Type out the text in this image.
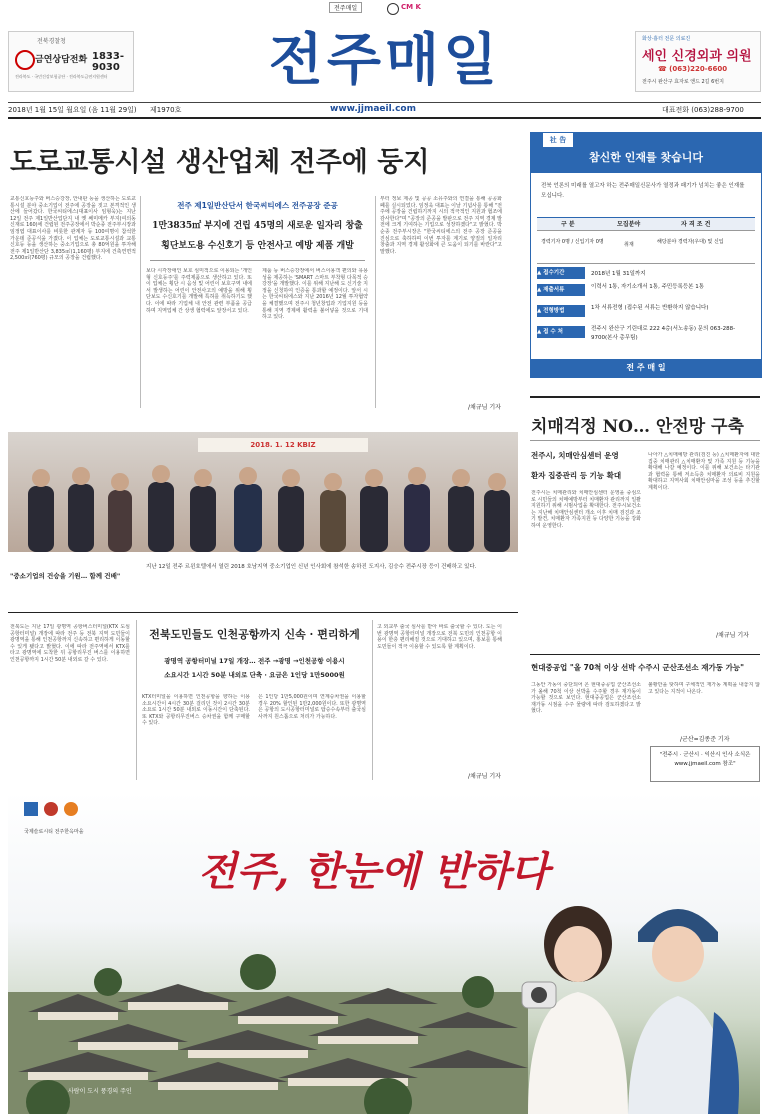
전주매일	CM K
전북경찰청
금연상담전화 1833-9030
전라북도 · 국민건강보험공단 · 전라북도금연지원센터	전주매일	화상·흉터 전문 의료진
세인 신경외과 의원
☎ (063)220-6600
전주시 완산구 효자로 앤드 2길 6번지
2018년 1월 15일 월요일 (음 11월 29일) 제1970호	www.jjmaeil.com	대표전화 (063)288-9700
도로교통시설 생산업체 전주에 둥지
교통신호등주와 버스승강장, 안내판 등을 생산하는 도로교통시설 분야 중소기업이 전주에 공장을 짓고 본격적인 생산에 들어갔다. 한국씨티에스(대표이사 임형욱)는 지난 12일 전주 제1일반산업단지 내 옛 쎄미메카 부지(여의동 신재로 160)에 건립된 전주공장에서 박순종 전주부시장과 임정엽 대표이사를 비롯한 관계자 등 100여명이 참석한 가운데 준공식을 가졌다. 이 업체는 도로교통시설과 교통신호등 등을 생산하는 중소기업으로 총 80억원을 투자해 전주 제1일반산단 3,835㎡(1,160평) 부지에 건축연면적 2,500㎡(760평) 규모의 공장을 건립했다.
전주 제1일반산단서 한국씨티에스 전주공장 준공
1만3835㎡ 부지에 건립 45명의 새로운 일자리 창출
횡단보도용 수신호기 등 안전사고 예방 제품 개발
보다 시각장애인 보호 심미적으로 이용되는 '개인형 신호등주'를 주력제품으로 생산하고 있다. 또 이 업체는 횡단 시 음성 및 어린이 보호구역 내에서 발생하는 어린이 안전사고의 예방을 위해 횡단보도 수신호기를 개발해 특허를 취득하기도 했다. 이에 따라 기업체 내 안전 관련 부품을 공급하며 지역업체 간 상생 협력에도 앞장서고 있다.
제품 등 버스승강장에서 버스이용객 편의와 유용성을 제공하는 'SMART 스마트 부착형 다목적 승강장'을 개발했다. 이를 위해 지난해 도 신기술 지정을 신청하여 인증을 통과할 예정이다. 앞서 시는 한국씨티에스와 지난 2016년 12월 투자협약을 체결했으며 전주시 청년창업과 기업지원 등을 통해 지역 경제에 활력을 불어넣을 것으로 기대하고 있다.
부터 정보 제공 및 공공 소유주와의 연결을 통해 공공화폐를 실시되었다. 임정욱 대표는 이날 기념사를 통해 "전주에 공장을 건립하기까지 시의 적극적인 지원과 협조에 감사한다"며 "공장의 준공을 발판으로 전주 지역 경제 발전에 크게 기여하는 기업으로 성장하겠다"고 밝혔다. 박순종 전주부시장은 "한국씨티에스의 전주 공장 준공을 진심으로 축하하며 이번 투자를 계기로 양질의 일자리 창출과 지역 경제 활성화에 큰 도움이 되기를 바란다"고 말했다.
/채규님 기자
社 告
참신한 인재를 찾습니다
전북 언론의 미래를 열고자 하는 전주매일신문사가 열정과 패기가 넘치는 좋은 인재를 모십니다.
구 분	모집분야	자 격 조 건
경력기자 0명 / 신입기자 0명	취재	해당분야 경력자(우대) 및 신입
▲ 접수기간	2018년 1월 31일까지
▲ 제출서류	이력서 1통, 자기소개서 1통, 주민등록등본 1통
▲ 전형방법	1차 서류전형 (접수된 서류는 반환하지 않습니다)
▲ 접 수 처	전주시 완산구 기린대로 222 4층(서노송동) 문의 063-288-9700(본사 총무팀)
전 주 매 일
치매걱정 NO… 안전망 구축
전주시, 치매안심센터 운영
환자 집중관리 등 기능 확대
전주시는 치매관리와 치매안심센터 운영을 중심으로 시민들의 치매예방부터 치매환자 관리까지 일괄 지원하기 위해 시범사업을 확대한다. 전주시보건소는 지난해 치매안심센터 개소 이후 치매 검진과 조기 발견, 치매환자 가족지원 등 다양한 기능을 강화하여 운영한다.
나아가 △치매예방 관리(검진 등) △치매환자에 대한 집중 치매관리 △치매환자 및 가족 지원 등 기능을 확대해 나갈 예정이다. 이를 위해 보건소는 타기관과 협력을 통해 저소득층 치매환자 의료비 지원을 확대하고 지역사회 치매안심마을 조성 등을 추진할 계획이다.
/채규님 기자
2018. 1. 12 KBIZ
"중소기업의 건승을 기원… 함께 건배"
지난 12일 전주 르윈호텔에서 열린 2018 호남지역 중소기업인 신년 인사회에 참석한 송하진 도지사, 김승수 전주시장 등이 건배하고 있다.
전북도는 지난 17일 광명역 공항버스터미널(KTX 도심공항터미널) 개장에 따라 전주 등 전북 지역 도민들이 광명역을 통해 인천공항까지 신속하고 편리하게 이동할 수 있게 됐다고 밝혔다. 이에 따라 전주역에서 KTX를 타고 광명역에 도착한 뒤 공항리무진 버스를 이용하면 인천공항까지 1시간 50분 내외로 갈 수 있다.
전북도민들도 인천공항까지 신속 · 편리하게
광명역 공항터미널 17일 개장… 전주 →광명 →인천공항 이용시
소요시간 1시간 50분 내외로 단축 · 요금은 1인당 1만5000원
KTX터미널을 이용하면 인천공항을 향하는 이용 소요시간이 4시간 30분 걸리던 것이 2시간 30분 소요로 1시간 50분 내외로 이동시간이 단축된다. 또 KTX와 공항리무진버스 승차권을 함께 구매할 수 있다.
은 1인당 1만5,000원이며 연계승차권을 이용할 경우 20% 할인된 1만2,000원이다. 또한 광명역은 공항의 도시공항터미널로 탑승수속부터 출국심사까지 원스톱으로 처리가 가능하다.
고 외교부 출국 심사를 받아 바로 출국할 수 있다. 도는 이번 광명역 공항터미널 개장으로 전북 도민의 인천공항 이용이 한층 편리해질 것으로 기대하고 있으며, 홍보를 통해 도민들이 적극 이용할 수 있도록 할 계획이다.
/채규님 기자
현대중공업 "올 70척 이상 선박 수주시 군산조선소 재가동 가능"
그동안 가동이 중단되어 온 현대중공업 군산조선소가 올해 70척 이상 선박을 수주할 경우 재가동이 가능할 것으로 보인다. 현대중공업은 군산조선소 재가동 시점을 수주 물량에 따라 검토하겠다고 밝혔다.
불황만을 탓하며 구체적인 재가동 계획을 내놓지 않고 있다는 지적이 나온다.
/군산=김종준 기자
"전주시 · 군산시 · 익산시 인사 소식은 www.jjmaeil.com 참조"
국제슬로시티 전주한옥마을
전주, 한눈에 반하다
사람이 도시 풍경의 주인
